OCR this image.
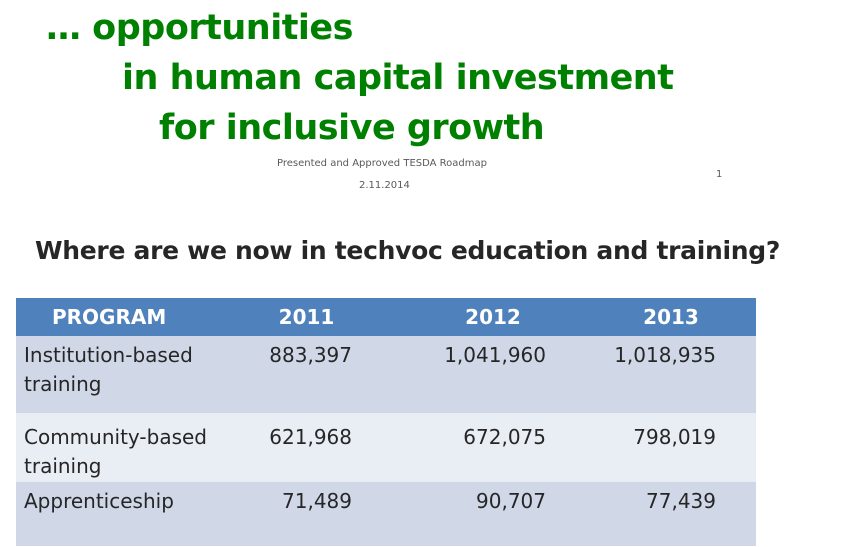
… opportunities
in human capital investment
for inclusive growth
Presented and Approved TESDA Roadmap
2.11.2014
1
Where are we now in techvoc education and training?
PROGRAM	2011	2012	2013
Institution-based training	883,397	1,041,960	1,018,935
Community-based training	621,968	672,075	798,019
Apprenticeship	71,489	90,707	77,439
